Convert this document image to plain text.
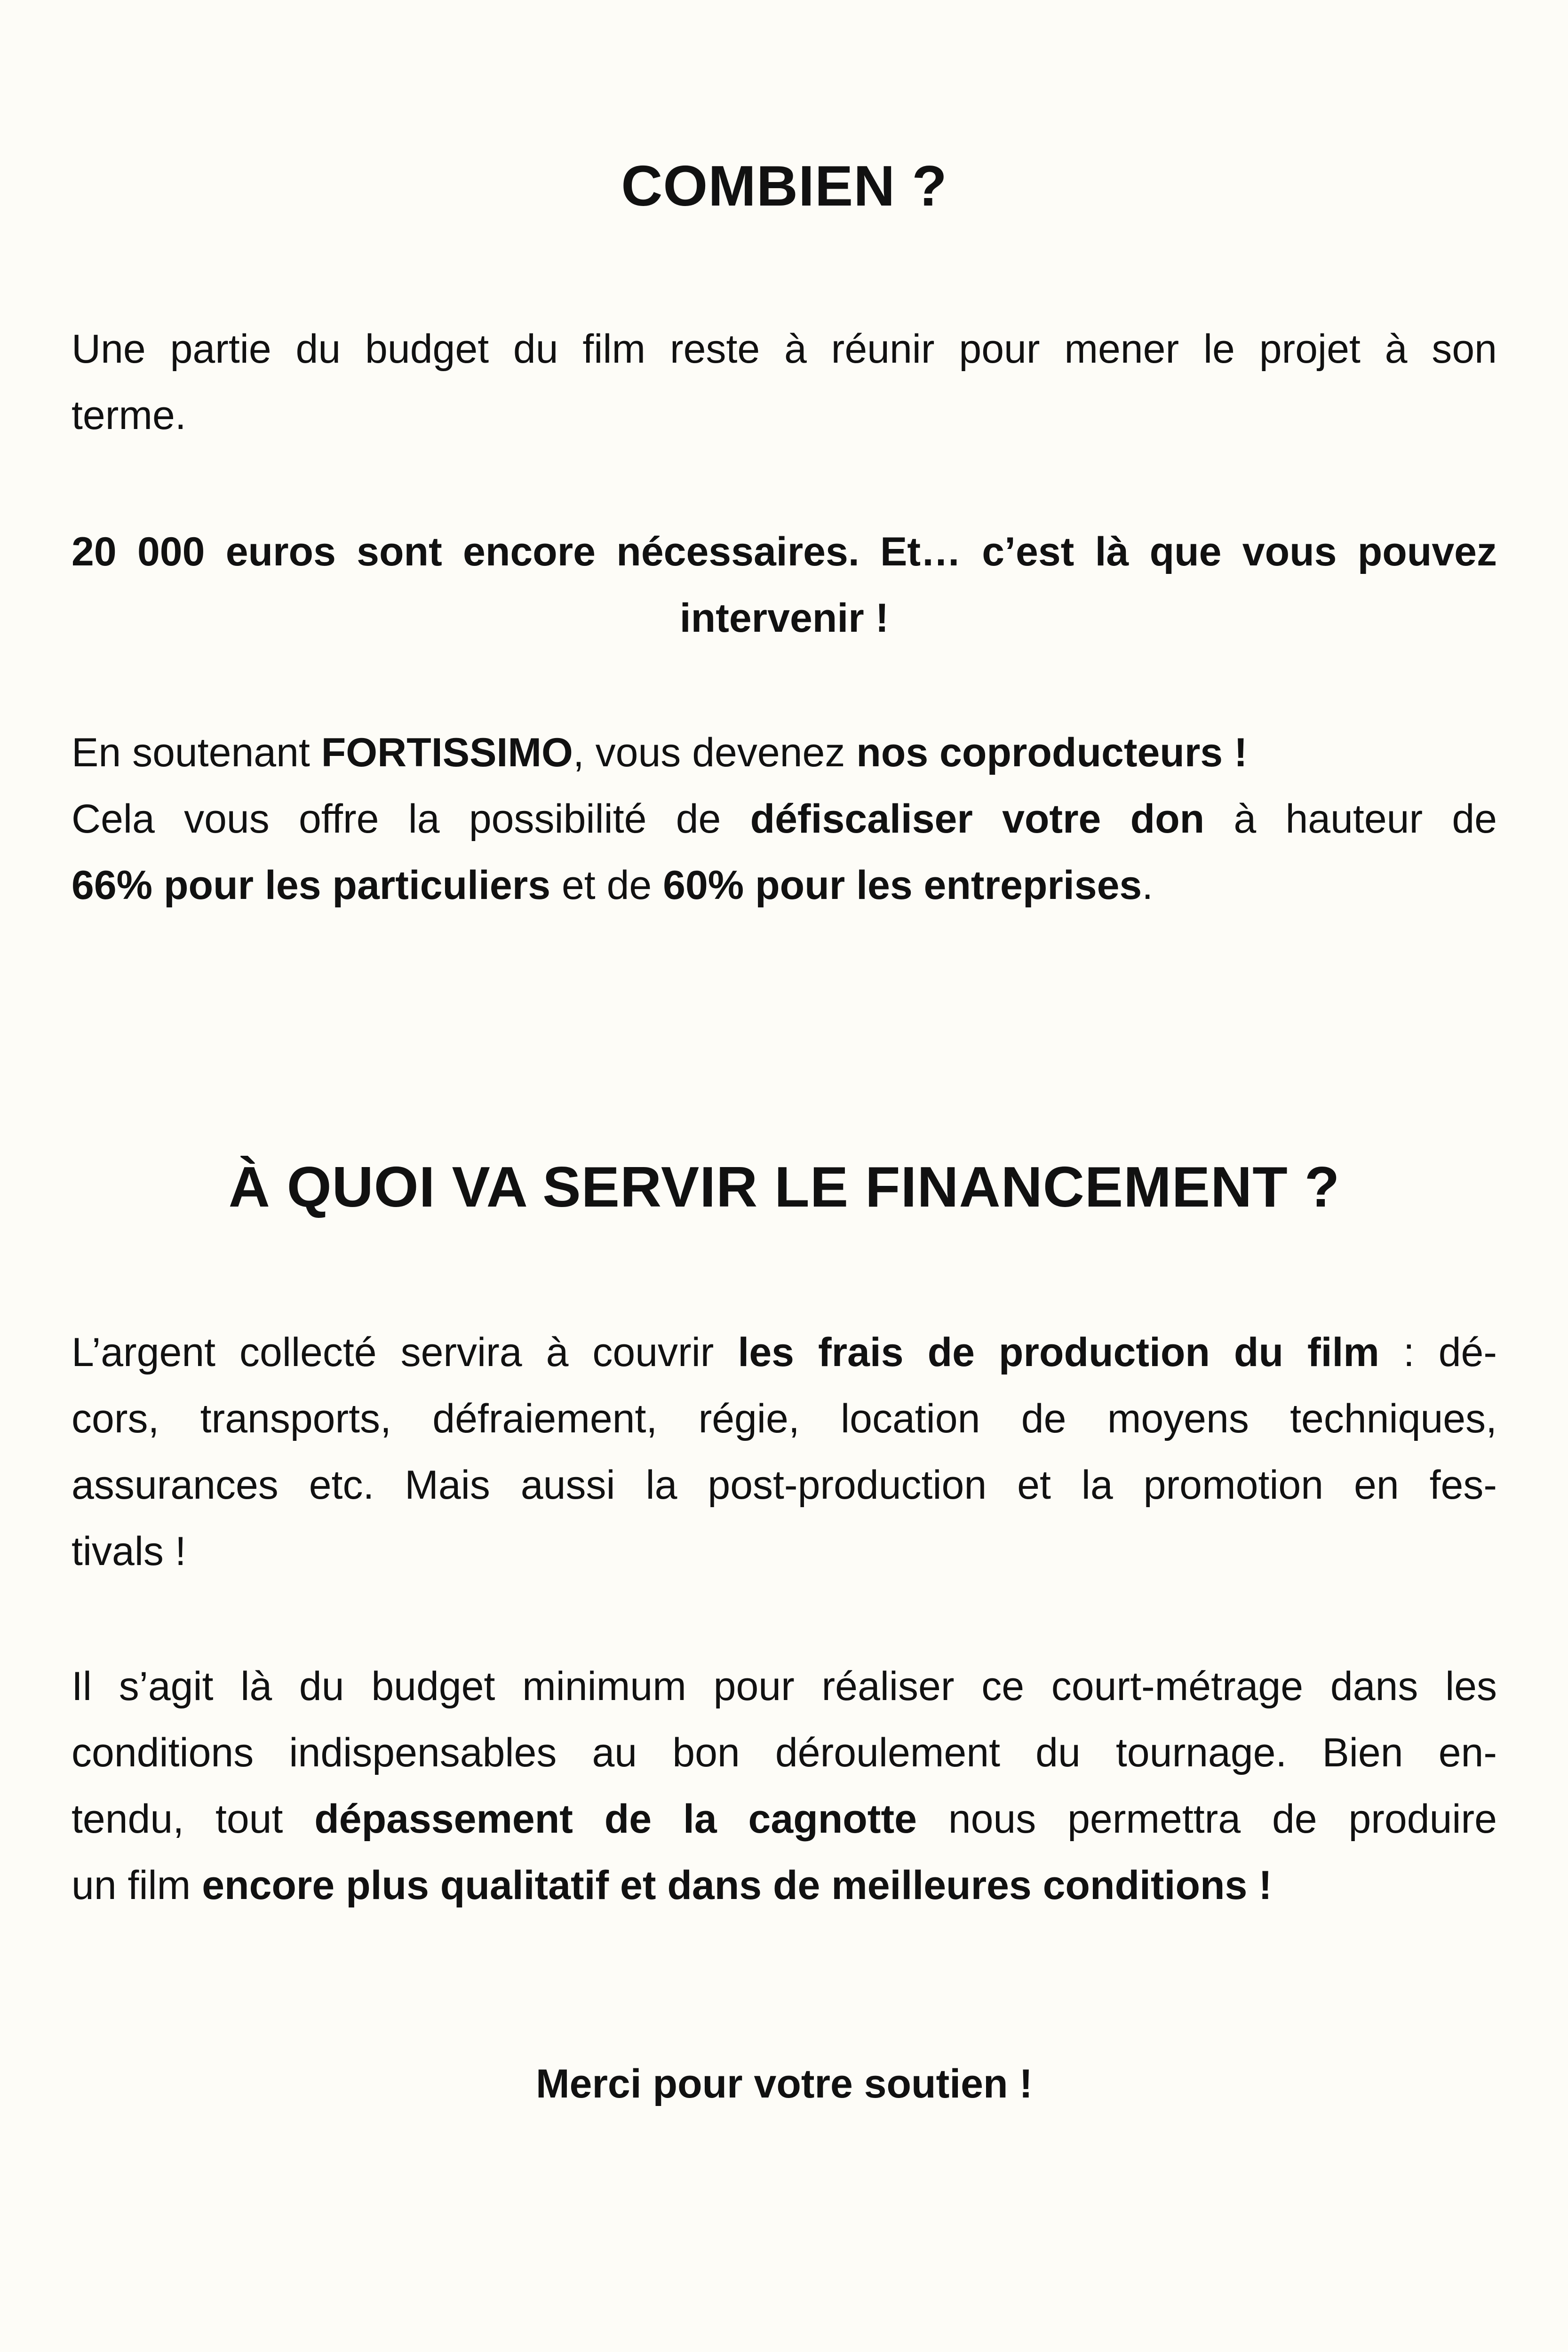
COMBIEN ?

Une partie du budget du film reste à réunir pour mener le projet à son

terme.

20 000 euros sont encore nécessaires. Et… c’est là que vous pouvez

intervenir !

En soutenant FORTISSIMO, vous devenez nos coproducteurs !

Cela vous offre la possibilité de défiscaliser votre don à hauteur de

66% pour les particuliers et de 60% pour les entreprises.

À QUOI VA SERVIR LE FINANCEMENT ?

L’argent collecté servira à couvrir les frais de production du film : dé-

cors, transports, défraiement, régie, location de moyens techniques,

assurances etc. Mais aussi la post-production et la promotion en fes-

tivals !

Il s’agit là du budget minimum pour réaliser ce court-métrage dans les

conditions indispensables au bon déroulement du tournage. Bien en-

tendu, tout dépassement de la cagnotte nous permettra de produire

un film encore plus qualitatif et dans de meilleures conditions !

Merci pour votre soutien !
